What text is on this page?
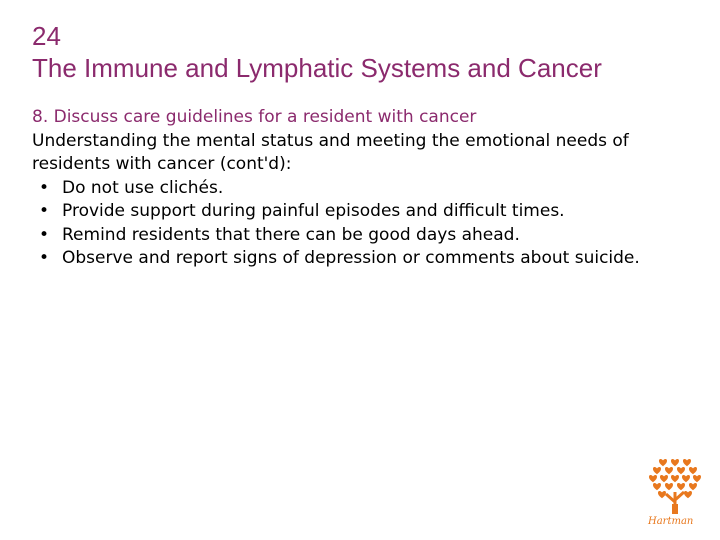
24
The Immune and Lymphatic Systems and Cancer
8. Discuss care guidelines for a resident with cancer

Understanding the mental status and meeting the emotional needs of residents with cancer (cont'd):

• Do not use clichés.
• Provide support during painful episodes and difficult times.
• Remind residents that there can be good days ahead.
• Observe and report signs of depression or comments about suicide.
Hartman
